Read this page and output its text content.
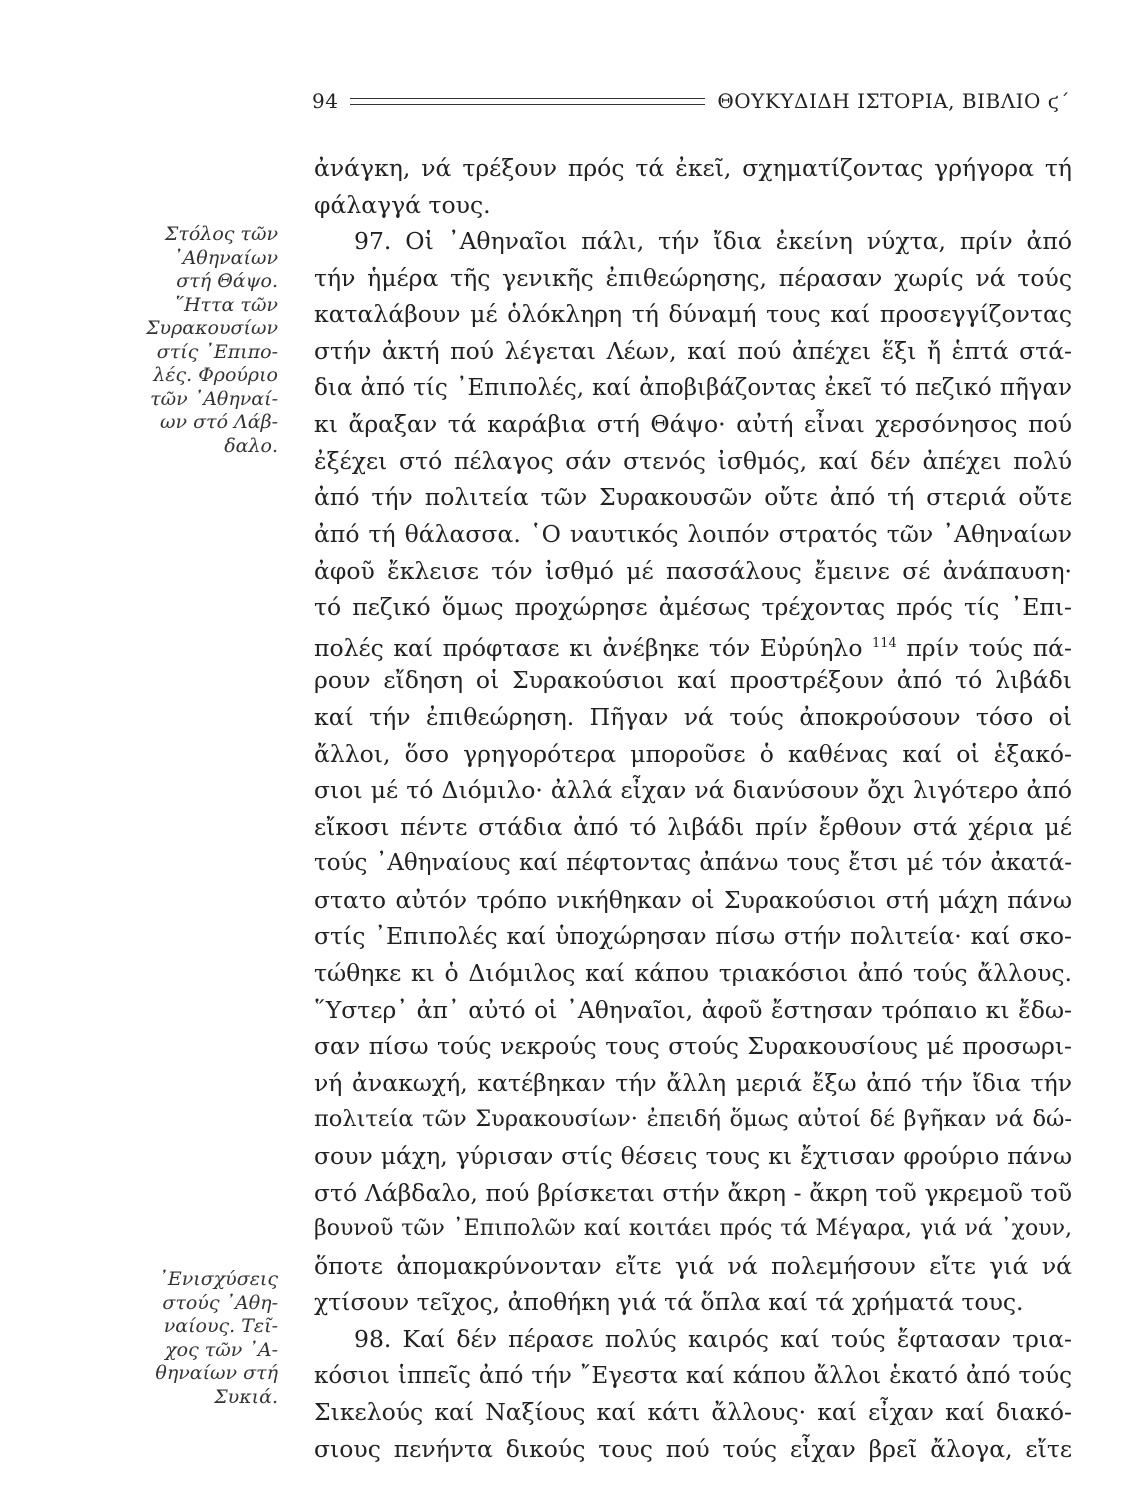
94	ΘΟΥΚΥΔΙΔΗ ΙΣΤΟΡΙΑ, ΒΙΒΛΙΟ ϛ΄
Στόλος τῶν
᾿Αθηναίων
στή Θάψο.
῞Ηττα τῶν
Συρακουσίων
στίς ᾿Επιπο-
λές. Φρούριο
τῶν ᾿Αθηναί-
ων στό Λάβ-
δαλο.
᾿Ενισχύσεις
στούς ᾿Αθη-
ναίους. Τεῖ-
χος τῶν ᾿Α-
θηναίων στή
Συκιά.
ἀνάγκη, νά τρέξουν πρός τά ἐκεῖ, σχηματίζοντας γρήγορα τή
φάλαγγά τους.
97. Οἱ ᾿Αθηναῖοι πάλι, τήν ἴδια ἐκείνη νύχτα, πρίν ἀπό
τήν ἡμέρα τῆς γενικῆς ἐπιθεώρησης, πέρασαν χωρίς νά τούς
καταλάβουν μέ ὁλόκληρη τή δύναμή τους καί προσεγγίζοντας
στήν ἀκτή πού λέγεται Λέων, καί πού ἀπέχει ἕξι ἤ ἑπτά στά-
δια ἀπό τίς ᾿Επιπολές, καί ἀποβιβάζοντας ἐκεῖ τό πεζικό πῆγαν
κι ἄραξαν τά καράβια στή Θάψο· αὐτή εἶναι χερσόνησος πού
ἐξέχει στό πέλαγος σάν στενός ἰσθμός, καί δέν ἀπέχει πολύ
ἀπό τήν πολιτεία τῶν Συρακουσῶν οὔτε ἀπό τή στεριά οὔτε
ἀπό τή θάλασσα. ῾Ο ναυτικός λοιπόν στρατός τῶν ᾿Αθηναίων
ἀφοῦ ἔκλεισε τόν ἰσθμό μέ πασσάλους ἔμεινε σέ ἀνάπαυση·
τό πεζικό ὅμως προχώρησε ἀμέσως τρέχοντας πρός τίς ᾿Επι-
πολές καί πρόφτασε κι ἀνέβηκε τόν Εὐρύηλο $^{114}$ πρίν τούς πά-
ρουν εἴδηση οἱ Συρακούσιοι καί προστρέξουν ἀπό τό λιβάδι
καί τήν ἐπιθεώρηση. Πῆγαν νά τούς ἀποκρούσουν τόσο οἱ
ἄλλοι, ὅσο γρηγορότερα μποροῦσε ὁ καθένας καί οἱ ἑξακό-
σιοι μέ τό Διόμιλο· ἀλλά εἶχαν νά διανύσουν ὄχι λιγότερο ἀπό
εἴκοσι πέντε στάδια ἀπό τό λιβάδι πρίν ἔρθουν στά χέρια μέ
τούς ᾿Αθηναίους καί πέφτοντας ἀπάνω τους ἔτσι μέ τόν ἀκατά-
στατο αὐτόν τρόπο νικήθηκαν οἱ Συρακούσιοι στή μάχη πάνω
στίς ᾿Επιπολές καί ὑποχώρησαν πίσω στήν πολιτεία· καί σκο-
τώθηκε κι ὁ Διόμιλος καί κάπου τριακόσιοι ἀπό τούς ἄλλους.
῞Υστερ᾿ ἀπ᾿ αὐτό οἱ ᾿Αθηναῖοι, ἀφοῦ ἔστησαν τρόπαιο κι ἔδω-
σαν πίσω τούς νεκρούς τους στούς Συρακουσίους μέ προσωρι-
νή ἀνακωχή, κατέβηκαν τήν ἄλλη μεριά ἔξω ἀπό τήν ἴδια τήν
πολιτεία τῶν Συρακουσίων· ἐπειδή ὅμως αὐτοί δέ βγῆκαν νά δώ-
σουν μάχη, γύρισαν στίς θέσεις τους κι ἔχτισαν φρούριο πάνω
στό Λάβδαλο, πού βρίσκεται στήν ἄκρη - ἄκρη τοῦ γκρεμοῦ τοῦ
βουνοῦ τῶν ᾿Επιπολῶν καί κοιτάει πρός τά Μέγαρα, γιά νά ᾿χουν,
ὅποτε ἀπομακρύνονταν εἴτε γιά νά πολεμήσουν εἴτε γιά νά
χτίσουν τεῖχος, ἀποθήκη γιά τά ὅπλα καί τά χρήματά τους.
98. Καί δέν πέρασε πολύς καιρός καί τούς ἔφτασαν τρια-
κόσιοι ἱππεῖς ἀπό τήν ῎Εγεστα καί κάπου ἄλλοι ἑκατό ἀπό τούς
Σικελούς καί Ναξίους καί κάτι ἄλλους· καί εἶχαν καί διακό-
σιους πενήντα δικούς τους πού τούς εἶχαν βρεῖ ἄλογα, εἴτε
